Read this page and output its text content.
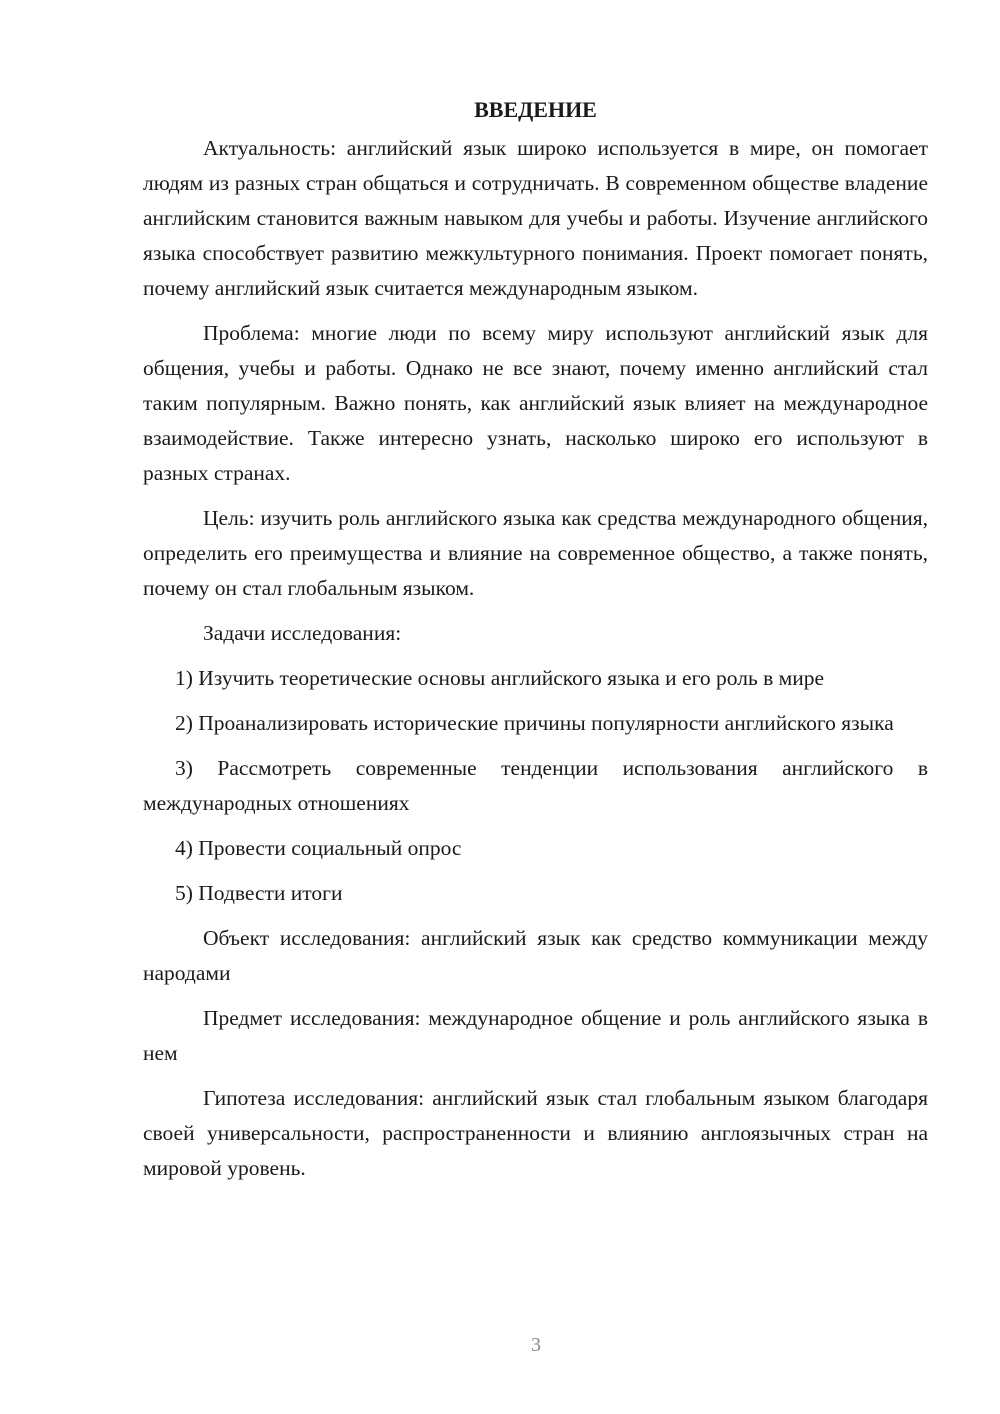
ВВЕДЕНИЕ

Актуальность: английский язык широко используется в мире, он помогает людям из разных стран общаться и сотрудничать. В современном обществе владение английским становится важным навыком для учебы и работы. Изучение английского языка способствует развитию межкультурного понимания. Проект помогает понять, почему английский язык считается международным языком.

Проблема: многие люди по всему миру используют английский язык для общения, учебы и работы. Однако не все знают, почему именно английский стал таким популярным. Важно понять, как английский язык влияет на международное взаимодействие. Также интересно узнать, насколько широко его используют в разных странах.

Цель: изучить роль английского языка как средства международного общения, определить его преимущества и влияние на современное общество, а также понять, почему он стал глобальным языком.

Задачи исследования:

1) Изучить теоретические основы английского языка и его роль в мире

2) Проанализировать исторические причины популярности английского языка

3) Рассмотреть современные тенденции использования английского в международных отношениях

4) Провести социальный опрос

5) Подвести итоги

Объект исследования: английский язык как средство коммуникации между народами

Предмет исследования: международное общение и роль английского языка в нем

Гипотеза исследования: английский язык стал глобальным языком благодаря своей универсальности, распространенности и влиянию англоязычных стран на мировой уровень.

3
